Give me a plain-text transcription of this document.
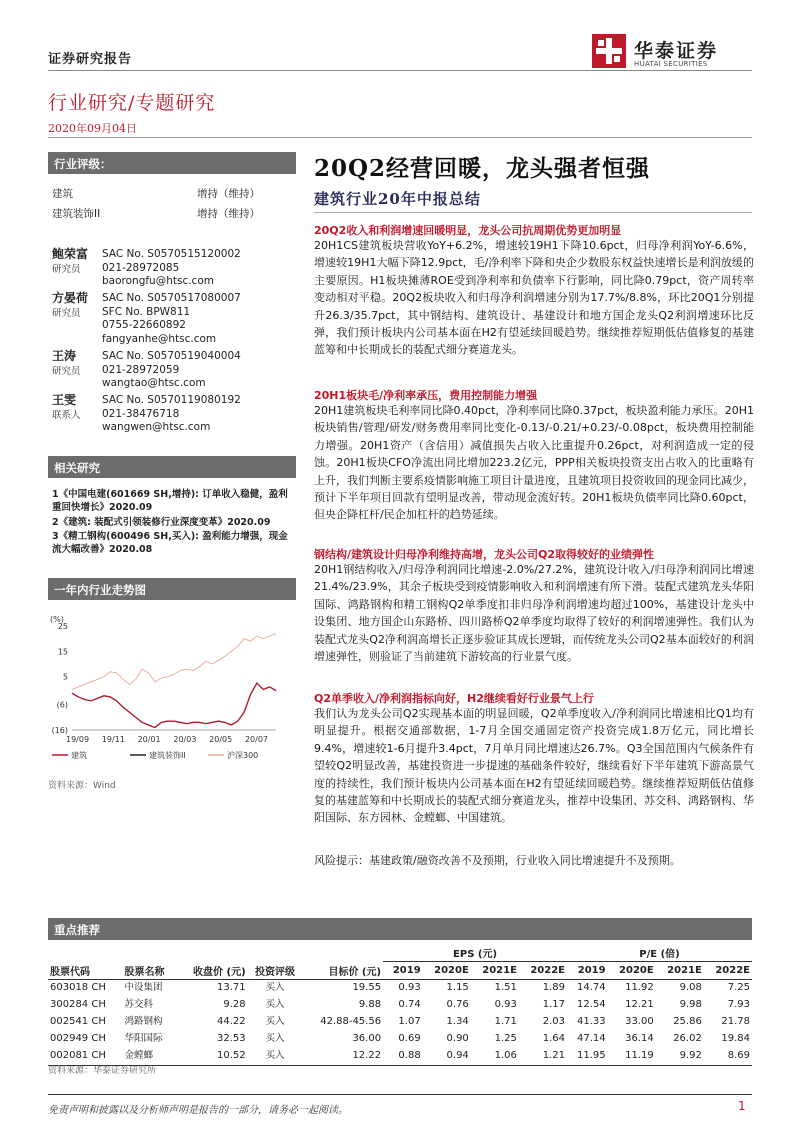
证券研究报告	华泰证券
HUATAI SECURITIES
行业研究/专题研究
2020年09月04日
行业评级：
建筑	增持（维持）
建筑装饰II	增持（维持）
鲍荣富
研究员
SAC No. S0570515120002
021-28972085
baorongfu@htsc.com
方晏荷
研究员
SAC No. S0570517080007
SFC No. BPW811
0755-22660892
fangyanhe@htsc.com
王涛
研究员
SAC No. S0570519040004
021-28972059
wangtao@htsc.com
王雯
联系人
SAC No. S0570119080192
021-38476718
wangwen@htsc.com
相关研究
1《中国电建(601669 SH,增持): 订单收入稳健，盈利重回快增长》2020.09
2《建筑: 装配式引领装修行业深度变革》2020.09
3《精工钢构(600496 SH,买入): 盈利能力增强，现金流大幅改善》2020.08
一年内行业走势图
(%)
25
15
5
(6)
(16)
19/09 19/11 20/01 20/03 20/05 20/07
建筑	建筑装饰II	沪深300
资料来源：Wind
20Q2经营回暖，龙头强者恒强
建筑行业20年中报总结
20Q2收入和利润增速回暖明显，龙头公司抗周期优势更加明显
20H1CS建筑板块营收YoY+6.2%，增速较19H1下降10.6pct，归母净利润YoY-6.6%，增速较19H1大幅下降12.9pct，毛/净利率下降和央企少数股东权益快速增长是利润放缓的主要原因。H1板块摊薄ROE受到净利率和负债率下行影响，同比降0.79pct，资产周转率变动相对平稳。20Q2板块收入和归母净利润增速分别为17.7%/8.8%，环比20Q1分别提升26.3/35.7pct，其中钢结构、建筑设计、基建设计和地方国企龙头Q2利润增速环比反弹，我们预计板块内公司基本面在H2有望延续回暖趋势。继续推荐短期低估值修复的基建蓝筹和中长期成长的装配式细分赛道龙头。
20H1板块毛/净利率承压，费用控制能力增强
20H1建筑板块毛利率同比降0.40pct，净利率同比降0.37pct，板块盈利能力承压。20H1板块销售/管理/研发/财务费用率同比变化-0.13/-0.21/+0.23/-0.08pct，板块费用控制能力增强。20H1资产（含信用）减值损失占收入比重提升0.26pct，对利润造成一定的侵蚀。20H1板块CFO净流出同比增加223.2亿元，PPP相关板块投资支出占收入的比重略有上升，我们判断主要系疫情影响施工项目计量进度，且建筑项目投资收回的现金同比减少，预计下半年项目回款有望明显改善，带动现金流好转。20H1板块负债率同比降0.60pct，但央企降杠杆/民企加杠杆的趋势延续。
钢结构/建筑设计归母净利维持高增，龙头公司Q2取得较好的业绩弹性
20H1钢结构收入/归母净利润同比增速-2.0%/27.2%，建筑设计收入/归母净利润同比增速21.4%/23.9%，其余子板块受到疫情影响收入和利润增速有所下滑。装配式建筑龙头华阳国际、鸿路钢构和精工钢构Q2单季度扣非归母净利润增速均超过100%，基建设计龙头中设集团、地方国企山东路桥、四川路桥Q2单季度均取得了较好的利润增速弹性。我们认为装配式龙头Q2净利润高增长正逐步验证其成长逻辑，而传统龙头公司Q2基本面较好的利润增速弹性，则验证了当前建筑下游较高的行业景气度。
Q2单季收入/净利润指标向好，H2继续看好行业景气上行
我们认为龙头公司Q2实现基本面的明显回暖，Q2单季度收入/净利润同比增速相比Q1均有明显提升。根据交通部数据，1-7月全国交通固定资产投资完成1.8万亿元，同比增长9.4%，增速较1-6月提升3.4pct，7月单月同比增速达26.7%。Q3全国范围内气候条件有望较Q2明显改善，基建投资进一步提速的基础条件较好，继续看好下半年建筑下游高景气度的持续性，我们预计板块内公司基本面在H2有望延续回暖趋势。继续推荐短期低估值修复的基建蓝筹和中长期成长的装配式细分赛道龙头，推荐中设集团、苏交科、鸿路钢构、华阳国际、东方园林、金螳螂、中国建筑。
风险提示：基建政策/融资改善不及预期，行业收入同比增速提升不及预期。
重点推荐
					EPS (元)				P/E (倍)			
股票代码	股票名称	收盘价 (元)	投资评级	目标价 (元)	2019	2020E	2021E	2022E	2019	2020E	2021E	2022E
603018 CH	中设集团	13.71	买入	19.55	0.93	1.15	1.51	1.89	14.74	11.92	9.08	7.25
300284 CH	苏交科	9.28	买入	9.88	0.74	0.76	0.93	1.17	12.54	12.21	9.98	7.93
002541 CH	鸿路钢构	44.22	买入	42.88-45.56	1.07	1.34	1.71	2.03	41.33	33.00	25.86	21.78
002949 CH	华阳国际	32.53	买入	36.00	0.69	0.90	1.25	1.64	47.14	36.14	26.02	19.84
002081 CH	金螳螂	10.52	买入	12.22	0.88	0.94	1.06	1.21	11.95	11.19	9.92	8.69
资料来源：华泰证券研究所
免责声明和披露以及分析师声明是报告的一部分，请务必一起阅读。	1
